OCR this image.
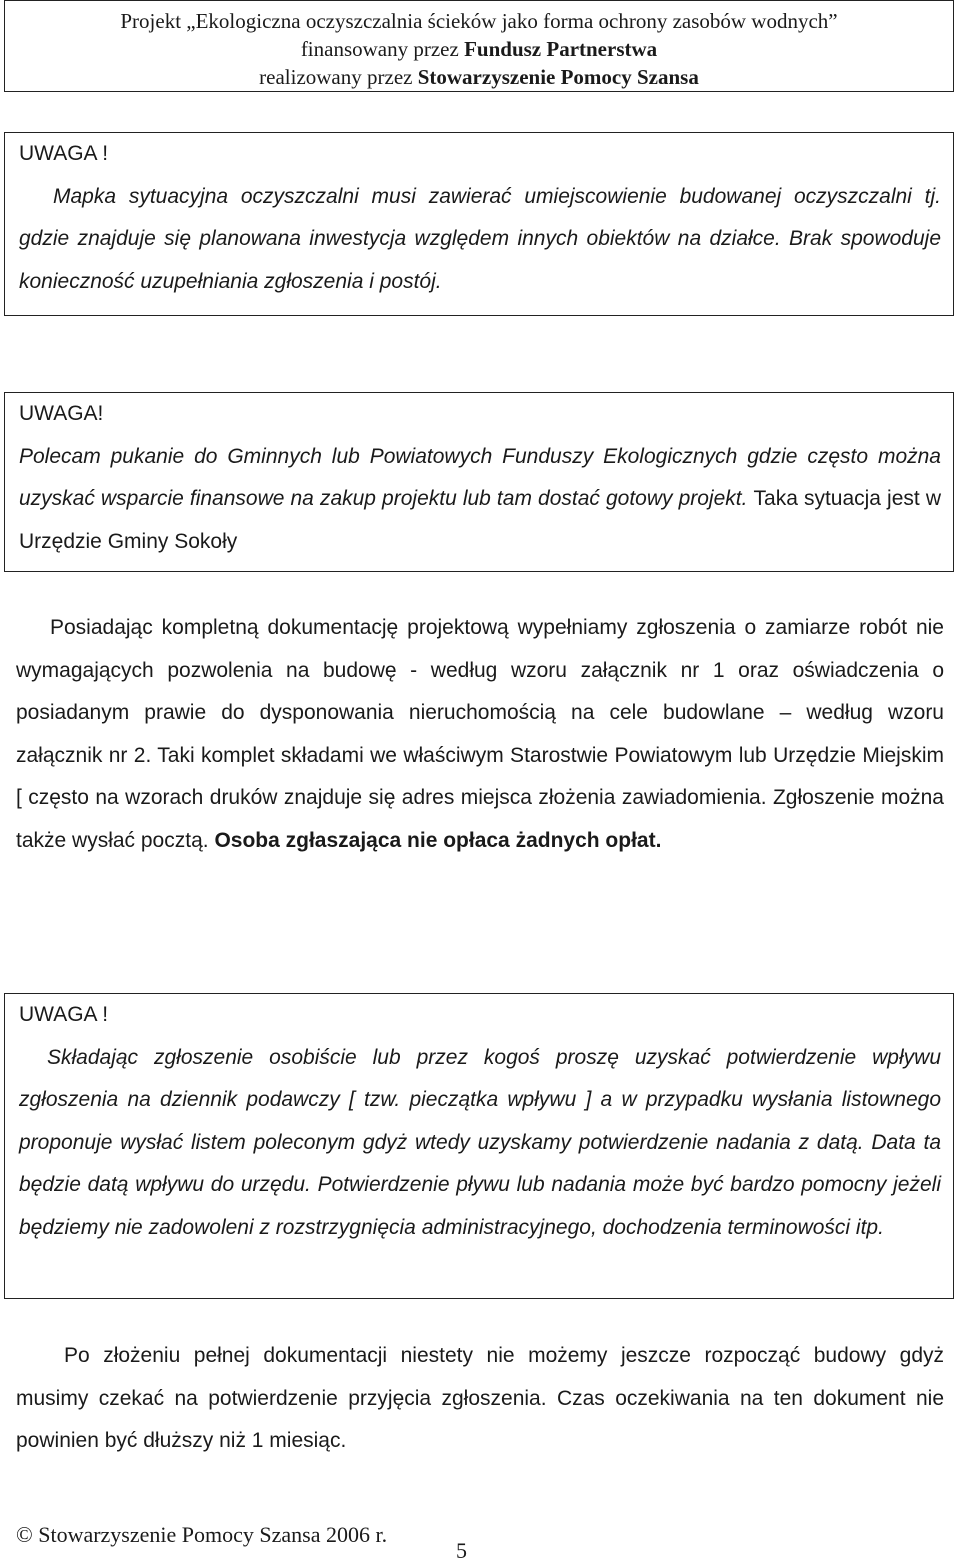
Projekt „Ekologiczna oczyszczalnia ścieków jako forma ochrony zasobów wodnych”
finansowany przez Fundusz Partnerstwa
realizowany przez Stowarzyszenie Pomocy Szansa
UWAGA !
Mapka sytuacyjna oczyszczalni musi zawierać umiejscowienie budowanej oczyszczalni tj. gdzie znajduje się planowana inwestycja względem innych obiektów na działce. Brak spowoduje konieczność uzupełniania zgłoszenia i postój.
UWAGA!
Polecam pukanie do Gminnych lub Powiatowych Funduszy Ekologicznych gdzie często można uzyskać wsparcie finansowe na zakup projektu lub tam dostać gotowy projekt. Taka sytuacja jest w Urzędzie Gminy Sokoły
Posiadając kompletną dokumentację projektową wypełniamy zgłoszenia o zamiarze robót nie wymagających pozwolenia na budowę - według wzoru załącznik nr 1 oraz oświadczenia o posiadanym prawie do dysponowania nieruchomością na cele budowlane – według wzoru załącznik nr 2. Taki komplet składami we właściwym Starostwie Powiatowym lub Urzędzie Miejskim [ często na wzorach druków znajduje się adres miejsca złożenia zawiadomienia. Zgłoszenie można także wysłać pocztą. Osoba zgłaszająca nie opłaca żadnych opłat.
UWAGA !
Składając zgłoszenie osobiście lub przez kogoś proszę uzyskać potwierdzenie wpływu zgłoszenia na dziennik podawczy [ tzw. pieczątka wpływu ] a w przypadku wysłania listownego proponuje wysłać listem poleconym gdyż wtedy uzyskamy potwierdzenie nadania z datą. Data ta będzie datą wpływu do urzędu. Potwierdzenie pływu lub nadania może być bardzo pomocny jeżeli będziemy nie zadowoleni z rozstrzygnięcia administracyjnego, dochodzenia terminowości itp.
Po złożeniu pełnej dokumentacji niestety nie możemy jeszcze rozpocząć budowy gdyż musimy czekać na potwierdzenie przyjęcia zgłoszenia. Czas oczekiwania na ten dokument nie powinien być dłuższy niż 1 miesiąc.
© Stowarzyszenie Pomocy Szansa 2006 r.
5
